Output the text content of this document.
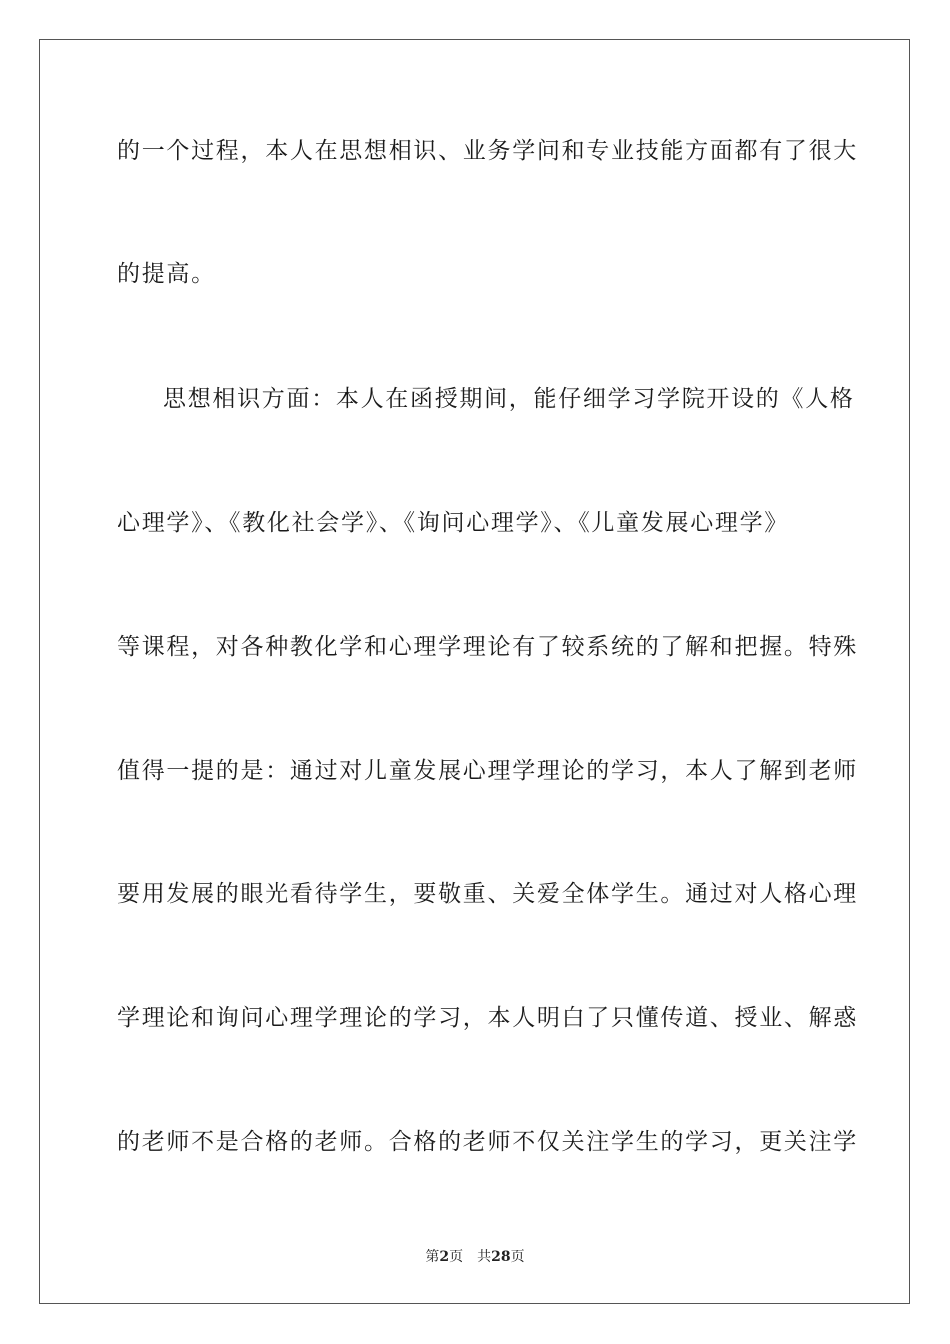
的一个过程，本人在思想相识、业务学问和专业技能方面都有了很大
的提高。
思想相识方面：本人在函授期间，能仔细学习学院开设的《人格
心理学》、《教化社会学》、《询问心理学》、《儿童发展心理学》
等课程，对各种教化学和心理学理论有了较系统的了解和把握。特殊
值得一提的是：通过对儿童发展心理学理论的学习，本人了解到老师
要用发展的眼光看待学生，要敬重、关爱全体学生。通过对人格心理
学理论和询问心理学理论的学习，本人明白了只懂传道、授业、解惑
的老师不是合格的老师。合格的老师不仅关注学生的学习，更关注学
第2页 共28页
